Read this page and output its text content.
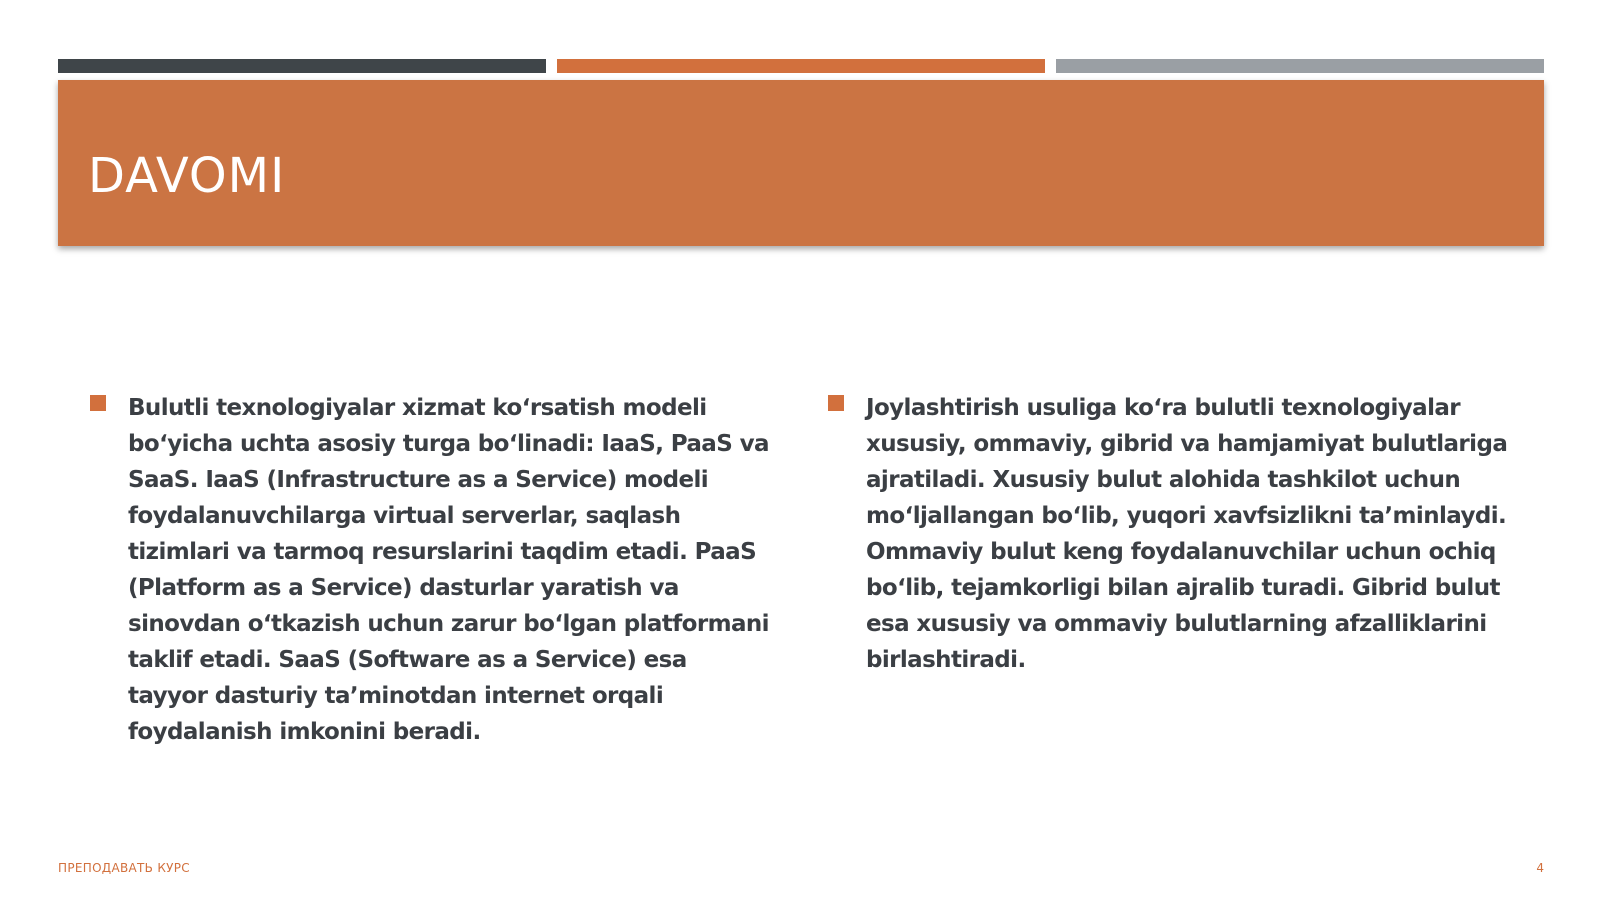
DAVOMI

Bulutli texnologiyalar xizmat koʻrsatish modeli boʻyicha uchta asosiy turga boʻlinadi: IaaS, PaaS va SaaS. IaaS (Infrastructure as a Service) modeli foydalanuvchilarga virtual serverlar, saqlash tizimlari va tarmoq resurslarini taqdim etadi. PaaS (Platform as a Service) dasturlar yaratish va sinovdan oʻtkazish uchun zarur boʻlgan platformani taklif etadi. SaaS (Software as a Service) esa tayyor dasturiy taʼminotdan internet orqali foydalanish imkonini beradi.

Joylashtirish usuliga koʻra bulutli texnologiyalar xususiy, ommaviy, gibrid va hamjamiyat bulutlariga ajratiladi. Xususiy bulut alohida tashkilot uchun moʻljallangan boʻlib, yuqori xavfsizlikni taʼminlaydi. Ommaviy bulut keng foydalanuvchilar uchun ochiq boʻlib, tejamkorligi bilan ajralib turadi. Gibrid bulut esa xususiy va ommaviy bulutlarning afzalliklarini birlashtiradi.

ПРЕПОДАВАТЬ КУРС	4
